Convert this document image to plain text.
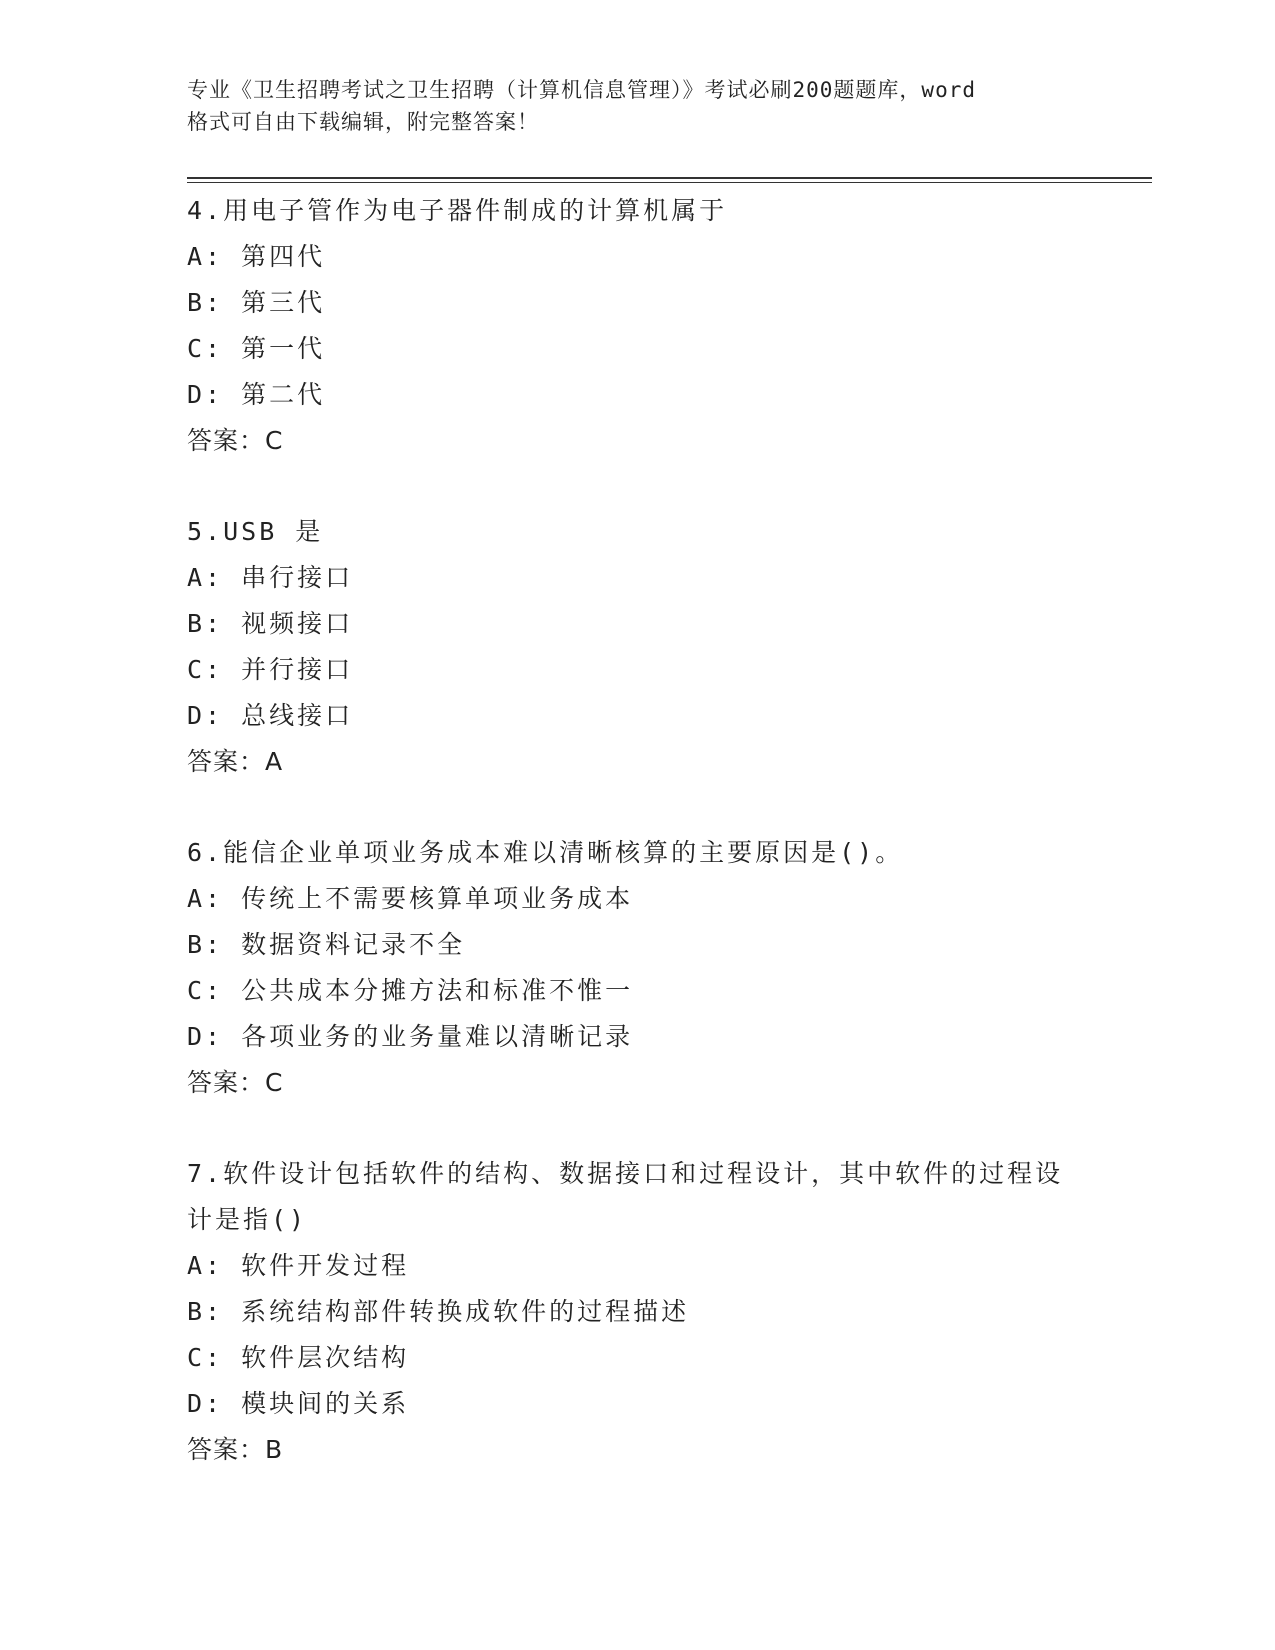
专业《卫生招聘考试之卫生招聘（计算机信息管理）》考试必刷200题题库，word
格式可自由下载编辑，附完整答案！
4.用电子管作为电子器件制成的计算机属于
A: 第四代
B: 第三代
C: 第一代
D: 第二代
答案：C
5.USB 是
A: 串行接口
B: 视频接口
C: 并行接口
D: 总线接口
答案：A
6.能信企业单项业务成本难以清晰核算的主要原因是()。
A: 传统上不需要核算单项业务成本
B: 数据资料记录不全
C: 公共成本分摊方法和标准不惟一
D: 各项业务的业务量难以清晰记录
答案：C
7.软件设计包括软件的结构、数据接口和过程设计，其中软件的过程设计是指()
A: 软件开发过程
B: 系统结构部件转换成软件的过程描述
C: 软件层次结构
D: 模块间的关系
答案：B
